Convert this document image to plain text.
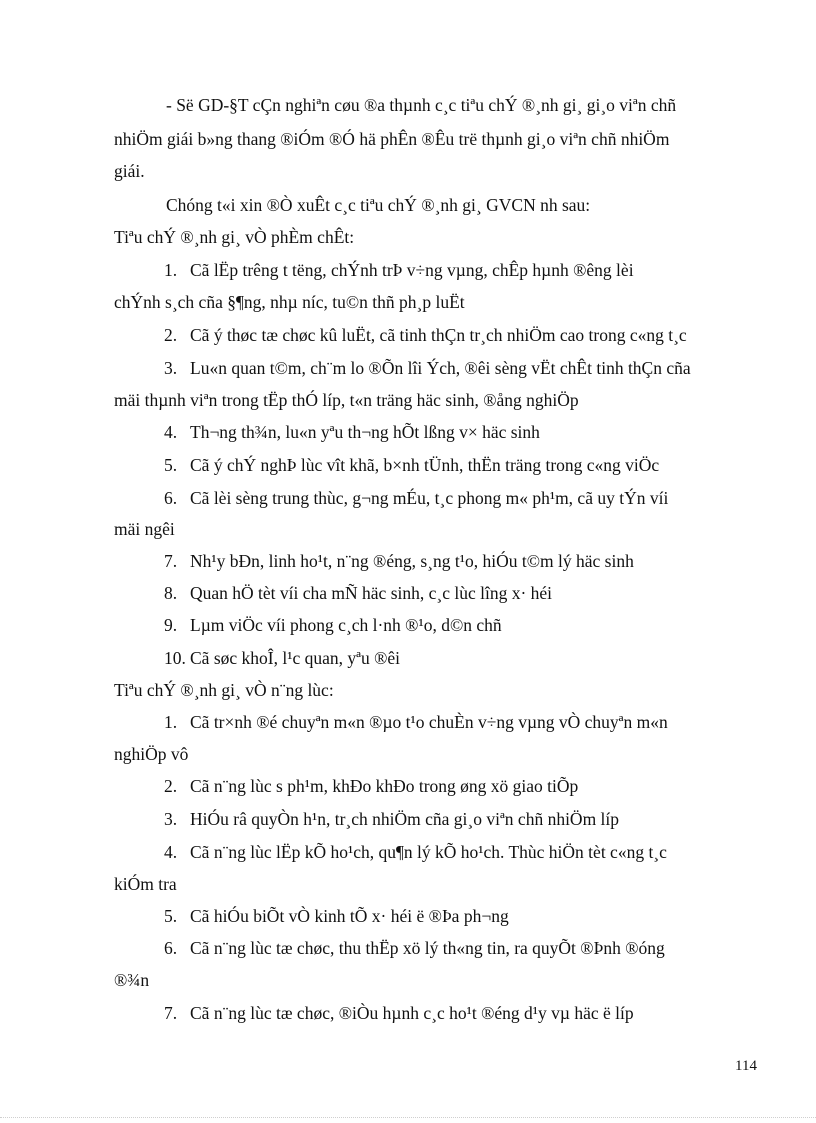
- Së GD-§T cÇn nghiªn cøu ®a thµnh c¸c tiªu chÝ ®¸nh gi¸ gi¸o viªn chñ
nhiÖm giái b»ng thang ®iÓm ®Ó hä phÊn ®Êu trë thµnh gi¸o viªn chñ nhiÖm
giái.
Chóng t«i xin ®Ò xuÊt c¸c tiªu chÝ ®¸nh gi¸ GVCN nh sau:
Tiªu chÝ ®¸nh gi¸ vÒ phÈm chÊt:
1. Cã lËp trêng t tëng, chÝnh trÞ v÷ng vµng, chÊp hµnh ®êng lèi
chÝnh s¸ch cña §¶ng, nhµ níc, tu©n thñ ph¸p luËt
2. Cã ý thøc tæ chøc kû luËt, cã tinh thÇn tr¸ch nhiÖm cao trong c«ng t¸c
3. Lu«n quan t©m, ch¨m lo ®Õn lîi Ých, ®êi sèng vËt chÊt tinh thÇn cña
mäi thµnh viªn trong tËp thÓ líp, t«n träng häc sinh, ®ång nghiÖp
4. Th¬ng th¾n, lu«n yªu th¬ng hÕt lßng v× häc sinh
5. Cã ý chÝ nghÞ lùc vît khã, b×nh tÜnh, thËn träng trong c«ng viÖc
6. Cã lèi sèng trung thùc, g¬ng mÉu, t¸c phong m« ph¹m, cã uy tÝn víi
mäi ngêi
7. Nh¹y bÐn, linh ho¹t, n¨ng ®éng, s¸ng t¹o, hiÓu t©m lý häc sinh
8. Quan hÖ tèt víi cha mÑ häc sinh, c¸c lùc lîng x· héi
9. Lµm viÖc víi phong c¸ch l·nh ®¹o, d©n chñ
10. Cã søc khoÎ, l¹c quan, yªu ®êi
Tiªu chÝ ®¸nh gi¸ vÒ n¨ng lùc:
1. Cã tr×nh ®é chuyªn m«n ®µo t¹o chuÈn v÷ng vµng vÒ chuyªn m«n
nghiÖp vô
2. Cã n¨ng lùc s ph¹m, khÐo khÐo trong øng xö giao tiÕp
3. HiÓu râ quyÒn h¹n, tr¸ch nhiÖm cña gi¸o viªn chñ nhiÖm líp
4. Cã n¨ng lùc lËp kÕ ho¹ch, qu¶n lý kÕ ho¹ch. Thùc hiÖn tèt c«ng t¸c
kiÓm tra
5. Cã hiÓu biÕt vÒ kinh tÕ x· héi ë ®Þa ph¬ng
6. Cã n¨ng lùc tæ chøc, thu thËp xö lý th«ng tin, ra quyÕt ®Þnh ®óng
®¾n
7. Cã n¨ng lùc tæ chøc, ®iÒu hµnh c¸c ho¹t ®éng d¹y vµ häc ë líp
114
